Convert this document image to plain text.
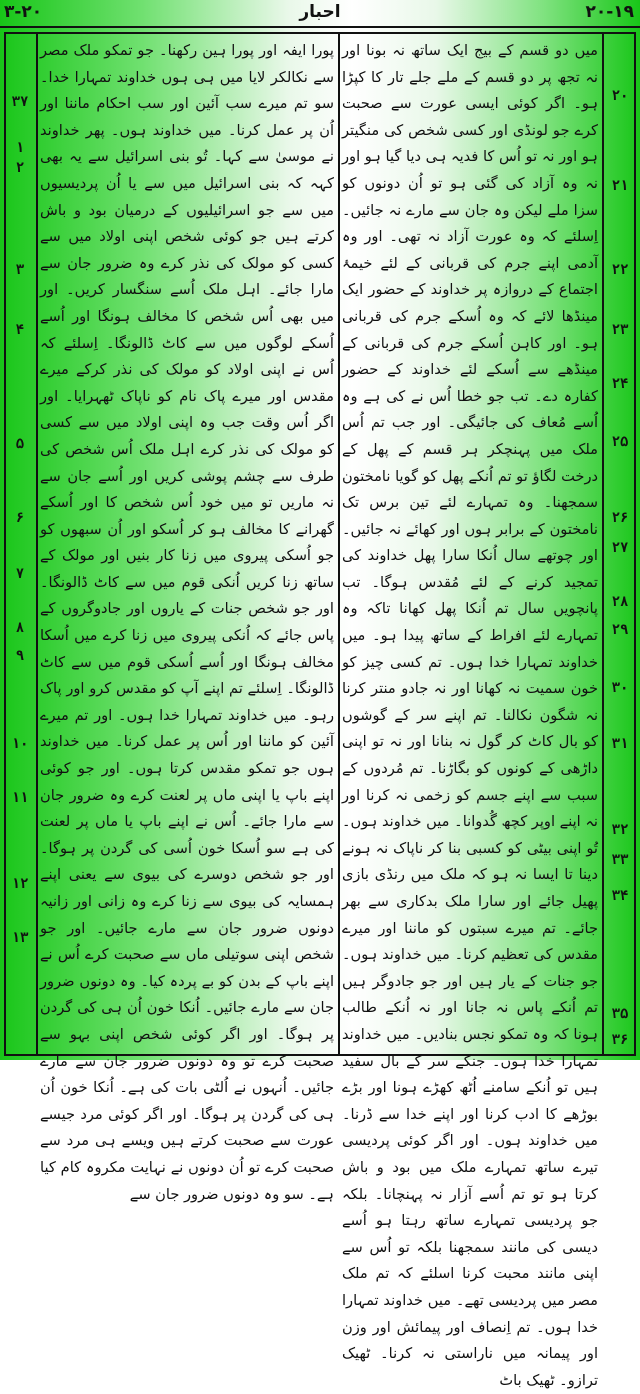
۳-۲۰	احبار	۲۰-۱۹

میں دو قسم کے بیج ایک ساتھ نہ بونا اور نہ تجھ پر دو قسم کے ملے جلے تار کا کپڑا ہو۔ اگر کوئی ایسی عورت سے صحبت کرے جو لونڈی اور کسی شخص کی منگیتر ہو اور نہ تو اُس کا فدیہ ہی دیا گیا ہو اور نہ وہ آزاد کی گئی ہو تو اُن دونوں کو سزا ملے لیکن وہ جان سے مارے نہ جائیں۔ اِسلئے کہ وہ عورت آزاد نہ تھی۔ اور وہ آدمی اپنے جرم کی قربانی کے لئے خیمۂ اجتماع کے دروازہ پر خداوند کے حضور ایک مینڈھا لائے کہ وہ اُسکے جرم کی قربانی ہو۔ اور کاہن اُسکے جرم کی قربانی کے مینڈھے سے اُسکے لئے خداوند کے حضور کفارہ دے۔ تب جو خطا اُس نے کی ہے وہ اُسے مُعاف کی جائیگی۔ اور جب تم اُس ملک میں پہنچکر ہر قسم کے پھل کے درخت لگاؤ تو تم اُنکے پھل کو گویا نامختون سمجھنا۔ وہ تمہارے لئے تین برس تک نامختون کے برابر ہوں اور کھائے نہ جائیں۔ اور چوتھے سال اُنکا سارا پھل خداوند کی تمجید کرنے کے لئے مُقدس ہوگا۔ تب پانچویں سال تم اُنکا پھل کھانا تاکہ وہ تمہارے لئے افراط کے ساتھ پیدا ہو۔ میں خداوند تمہارا خدا ہوں۔ تم کسی چیز کو خون سمیت نہ کھانا اور نہ جادو منتر کرنا نہ شگون نکالنا۔ تم اپنے سر کے گوشوں کو بال کاٹ کر گول نہ بنانا اور نہ تو اپنی داڑھی کے کونوں کو بگاڑنا۔ تم مُردوں کے سبب سے اپنے جسم کو زخمی نہ کرنا اور نہ اپنے اوپر کچھ گُدوانا۔ میں خداوند ہوں۔ تُو اپنی بیٹی کو کسبی بنا کر ناپاک نہ ہونے دینا تا ایسا نہ ہو کہ ملک میں رنڈی بازی پھیل جائے اور سارا ملک بدکاری سے بھر جائے۔ تم میرے سبتوں کو ماننا اور میرے مقدس کی تعظیم کرنا۔ میں خداوند ہوں۔ جو جنات کے یار ہیں اور جو جادوگر ہیں تم اُنکے پاس نہ جانا اور نہ اُنکے طالب ہونا کہ وہ تمکو نجس بنادیں۔ میں خداوند تمہارا خدا ہوں۔ جنکے سر کے بال سفید ہیں تو اُنکے سامنے اُٹھ کھڑے ہونا اور بڑے بوڑھے کا ادب کرنا اور اپنے خدا سے ڈرنا۔ میں خداوند ہوں۔ اور اگر کوئی پردیسی تیرے ساتھ تمہارے ملک میں بود و باش کرتا ہو تو تم اُسے آزار نہ پہنچانا۔ بلکہ جو پردیسی تمہارے ساتھ رہتا ہو اُسے دیسی کی مانند سمجھنا بلکہ تو اُس سے اپنی مانند محبت کرنا اسلئے کہ تم ملک مصر میں پردیسی تھے۔ میں خداوند تمہارا خدا ہوں۔ تم اِنصاف اور پیمائش اور وزن اور پیمانہ میں ناراستی نہ کرنا۔ ٹھیک ترازو۔ ٹھیک باٹ

پورا ایفہ اور پورا ہین رکھنا۔ جو تمکو ملک مصر سے نکالکر لایا میں ہی ہوں خداوند تمہارا خدا۔ سو تم میرے سب آئین اور سب احکام ماننا اور اُن پر عمل کرنا۔ میں خداوند ہوں۔ پھر خداوند نے موسیٰ سے کہا۔ تُو بنی اسرائیل سے یہ بھی کہہ کہ بنی اسرائیل میں سے یا اُن پردیسیوں میں سے جو اسرائیلیوں کے درمیان بود و باش کرتے ہیں جو کوئی شخص اپنی اولاد میں سے کسی کو مولک کی نذر کرے وہ ضرور جان سے مارا جائے۔ اہل ملک اُسے سنگسار کریں۔ اور میں بھی اُس شخص کا مخالف ہونگا اور اُسے اُسکے لوگوں میں سے کاٹ ڈالونگا۔ اِسلئے کہ اُس نے اپنی اولاد کو مولک کی نذر کرکے میرے مقدس اور میرے پاک نام کو ناپاک ٹھہرایا۔ اور اگر اُس وقت جب وہ اپنی اولاد میں سے کسی کو مولک کی نذر کرے اہل ملک اُس شخص کی طرف سے چشم پوشی کریں اور اُسے جان سے نہ ماریں تو میں خود اُس شخص کا اور اُسکے گھرانے کا مخالف ہو کر اُسکو اور اُن سبھوں کو جو اُسکی پیروی میں زنا کار بنیں اور مولک کے ساتھ زنا کریں اُنکی قوم میں سے کاٹ ڈالونگا۔ اور جو شخص جنات کے یاروں اور جادوگروں کے پاس جائے کہ اُنکی پیروی میں زنا کرے میں اُسکا مخالف ہونگا اور اُسے اُسکی قوم میں سے کاٹ ڈالونگا۔ اِسلئے تم اپنے آپ کو مقدس کرو اور پاک رہو۔ میں خداوند تمہارا خدا ہوں۔ اور تم میرے آئین کو ماننا اور اُس پر عمل کرنا۔ میں خداوند ہوں جو تمکو مقدس کرتا ہوں۔ اور جو کوئی اپنے باپ یا اپنی ماں پر لعنت کرے وہ ضرور جان سے مارا جائے۔ اُس نے اپنے باپ یا ماں پر لعنت کی ہے سو اُسکا خون اُسی کی گردن پر ہوگا۔ اور جو شخص دوسرے کی بیوی سے یعنی اپنے ہمسایہ کی بیوی سے زنا کرے وہ زانی اور زانیہ دونوں ضرور جان سے مارے جائیں۔ اور جو شخص اپنی سوتیلی ماں سے صحبت کرے اُس نے اپنے باپ کے بدن کو بے پردہ کیا۔ وہ دونوں ضرور جان سے مارے جائیں۔ اُنکا خون اُن ہی کی گردن پر ہوگا۔ اور اگر کوئی شخص اپنی بہو سے صحبت کرے تو وہ دونوں ضرور جان سے مارے جائیں۔ اُنہوں نے اُلٹی بات کی ہے۔ اُنکا خون اُن ہی کی گردن پر ہوگا۔ اور اگر کوئی مرد جیسے عورت سے صحبت کرتے ہیں ویسے ہی مرد سے صحبت کرے تو اُن دونوں نے نہایت مکروہ کام کیا ہے۔ سو وہ دونوں ضرور جان سے

۲۰
۲۱
۲۲
۲۳
۲۴
۲۵
۲۶
۲۷
۲۸
۲۹
۳۰
۳۱
۳۲
۳۳
۳۴
۳۵
۳۶
۳۷
۱
۲
۳
۴
۵
۶
۷
۸
۹
۱۰
۱۱
۱۲
۱۳
